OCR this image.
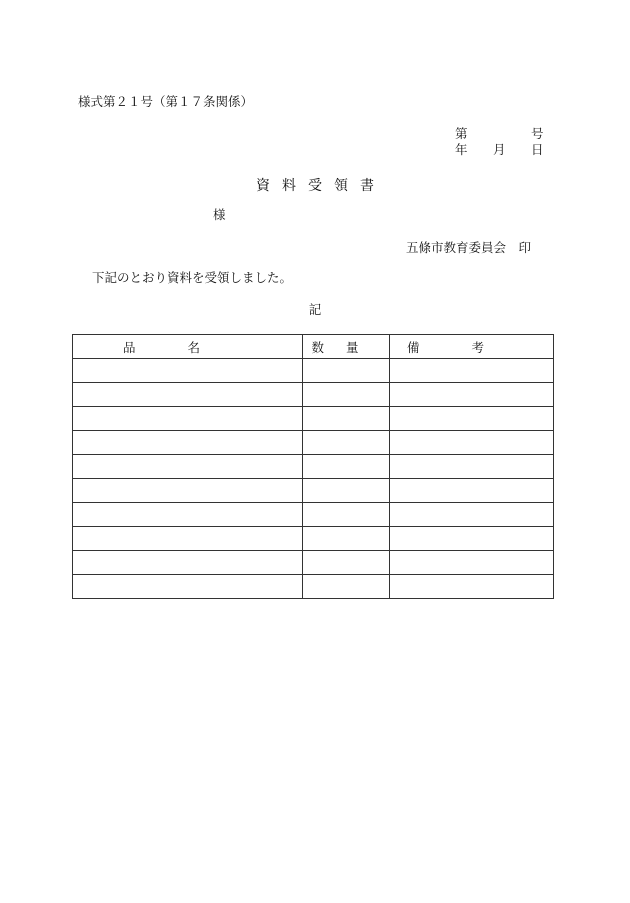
様式第２１号（第１７条関係）
第	号
年 月 日
資料受領書
様
五條市教育委員会　印
下記のとおり資料を受領しました。
記
品名	数量	備考
